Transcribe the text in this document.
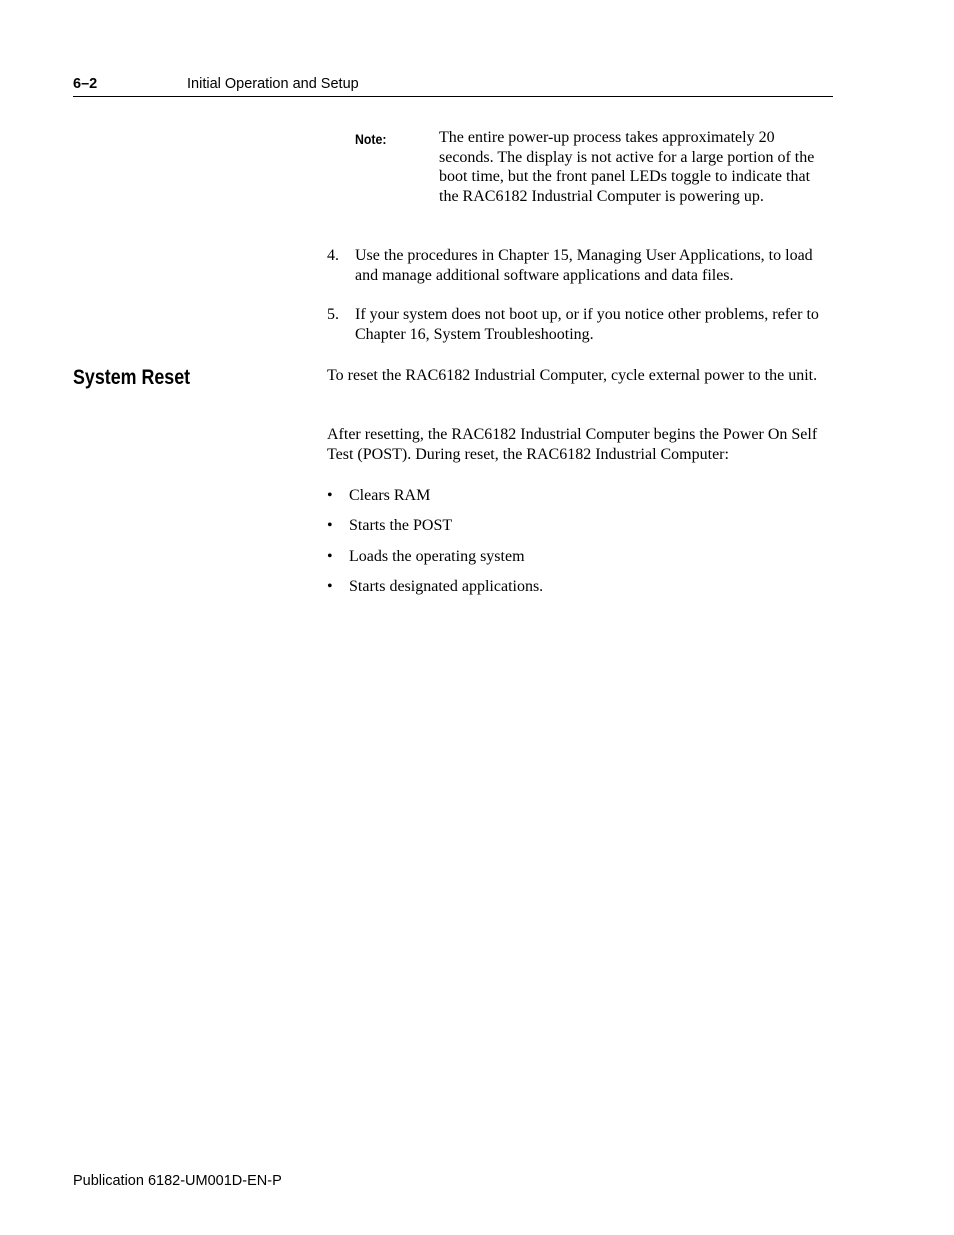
6–2	Initial Operation and Setup
Note:	The entire power-up process takes approximately 20 seconds. The display is not active for a large portion of the boot time, but the front panel LEDs toggle to indicate that the RAC6182 Industrial Computer is powering up.
4. Use the procedures in Chapter 15, Managing User Applications, to load and manage additional software applications and data files.
5. If your system does not boot up, or if you notice other problems, refer to Chapter 16, System Troubleshooting.
System Reset	To reset the RAC6182 Industrial Computer, cycle external power to the unit.
After resetting, the RAC6182 Industrial Computer begins the Power On Self Test (POST). During reset, the RAC6182 Industrial Computer:
• Clears RAM
• Starts the POST
• Loads the operating system
• Starts designated applications.
Publication 6182-UM001D-EN-P
